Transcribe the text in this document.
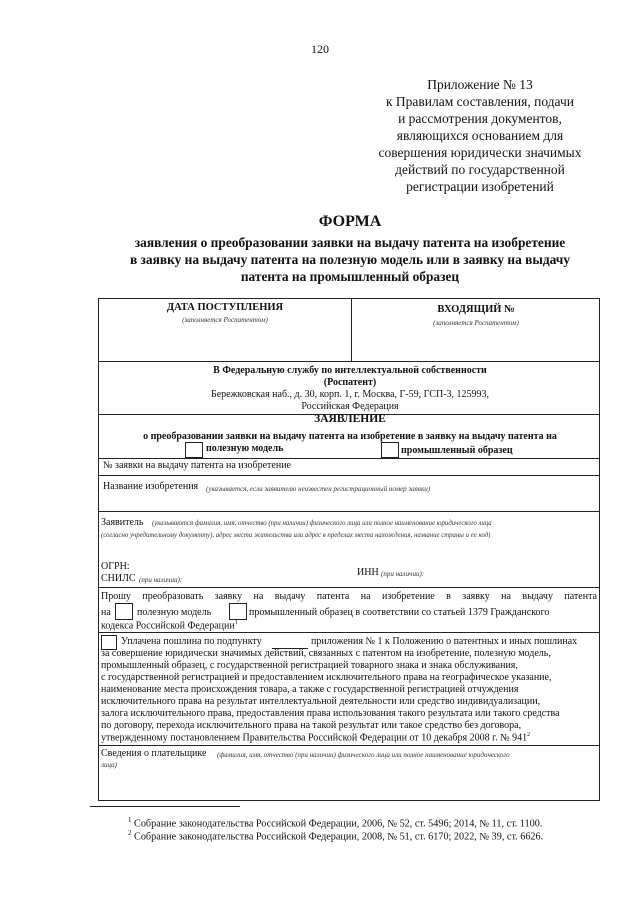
120
Приложение № 13
к Правилам составления, подачи
и рассмотрения документов,
являющихся основанием для
совершения юридически значимых
действий по государственной
регистрации изобретений
ФОРМА
заявления о преобразовании заявки на выдачу патента на изобретение
в заявку на выдачу патента на полезную модель или в заявку на выдачу
патента на промышленный образец
ДАТА ПОСТУПЛЕНИЯ
(заполняется Роспатентом)
ВХОДЯЩИЙ №
(заполняется Роспатентом)
В Федеральную службу по интеллектуальной собственности
(Роспатент)
Бережковская наб., д. 30, корп. 1, г. Москва, Г-59, ГСП-3, 125993,
Российская Федерация
ЗАЯВЛЕНИЕ
о преобразовании заявки на выдачу патента на изобретение в заявку на выдачу патента на
полезную модель	промышленный образец
№ заявки на выдачу патента на изобретение
Название изобретения (указывается, если заявителю неизвестен регистрационный номер заявки)
Заявитель (указываются фамилия, имя, отчество (при наличии) физического лица или полное наименование юридического лица
(согласно учредительному документу), адрес места жительства или адрес в пределах места нахождения, название страны и ее код)
ОГРН:
ИНН (при наличии):
СНИЛС (при наличии):
Прошу преобразовать заявку на выдачу патента на изобретение в заявку на выдачу патента
на	полезную модель	промышленный образец в соответствии со статьей 1379 Гражданского
кодекса Российской Федерации$^1$
Уплачена пошлина по подпункту	приложения № 1 к Положению о патентных и иных пошлинах
за совершение юридически значимых действий, связанных с патентом на изобретение, полезную модель,
промышленный образец, с государственной регистрацией товарного знака и знака обслуживания,
с государственной регистрацией и предоставлением исключительного права на географическое указание,
наименование места происхождения товара, а также с государственной регистрацией отчуждения
исключительного права на результат интеллектуальной деятельности или средство индивидуализации,
залога исключительного права, предоставления права использования такого результата или такого средства
по договору, перехода исключительного права на такой результат или такое средство без договора,
утвержденному постановлением Правительства Российской Федерации от 10 декабря 2008 г. № $941^2$
Сведения о плательщике (фамилия, имя, отчество (при наличии) физического лица или полное наименование юридического
лица)
$^1$ Собрание законодательства Российской Федерации, 2006, № 52, ст. 5496; 2014, № 11, ст. 1100.
$^2$ Собрание законодательства Российской Федерации, 2008, № 51, ст. 6170; 2022, № 39, ст. 6626.
